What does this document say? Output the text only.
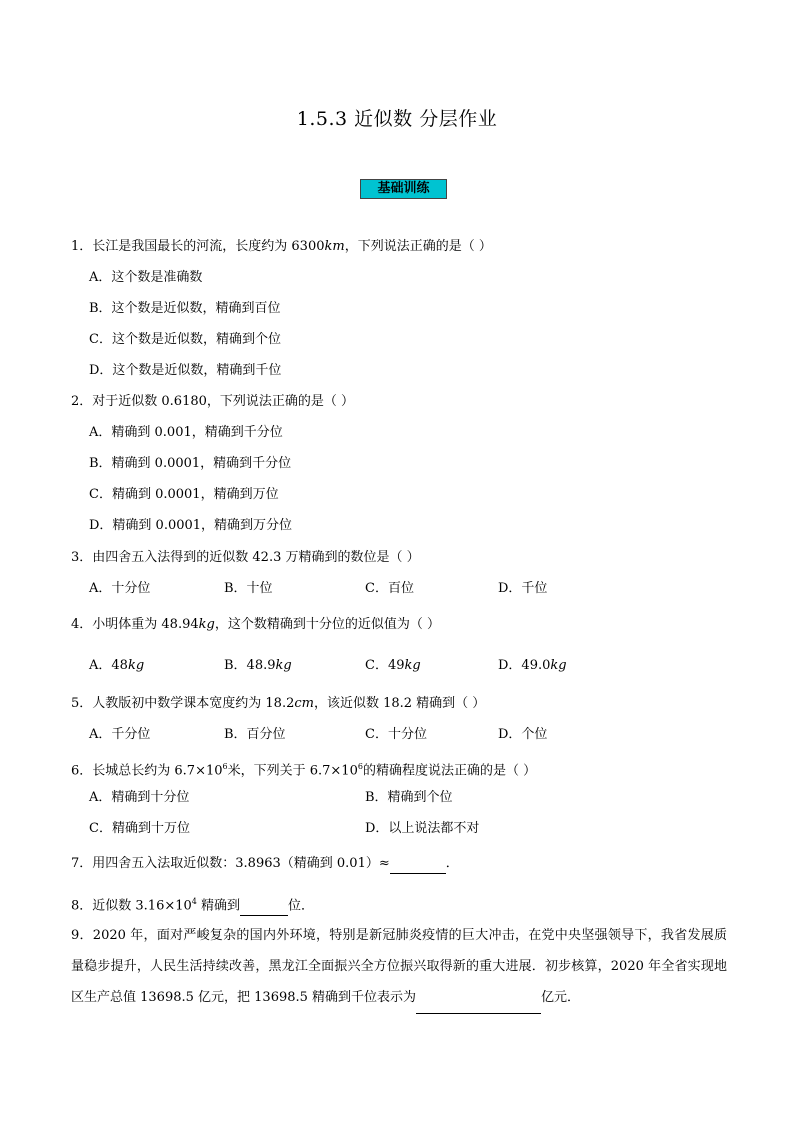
1.5.3 近似数 分层作业
基础训练
1．长江是我国最长的河流，长度约为 6300km，下列说法正确的是（ ）
A．这个数是准确数
B．这个数是近似数，精确到百位
C．这个数是近似数，精确到个位
D．这个数是近似数，精确到千位
2．对于近似数 0.6180，下列说法正确的是（ ）
A．精确到 0.001，精确到千分位
B．精确到 0.0001，精确到千分位
C．精确到 0.0001，精确到万位
D．精确到 0.0001，精确到万分位
3．由四舍五入法得到的近似数 42.3 万精确到的数位是（ ）
A．十分位	B．十位	C．百位	D．千位
4．小明体重为 48.94kg，这个数精确到十分位的近似值为（ ）
A．48kg	B．48.9kg	C．49kg	D．49.0kg
5．人教版初中数学课本宽度约为 18.2cm，该近似数 18.2 精确到（ ）
A．千分位	B．百分位	C．十分位	D．个位
6．长城总长约为 $6.7\times 10^6$米，下列关于 $6.7\times 10^6$的精确程度说法正确的是（ ）
A．精确到十分位	B．精确到个位
C．精确到十万位	D．以上说法都不对
7．用四舍五入法取近似数：3.8963（精确到 0.01）≈	．
8．近似数 $3.16\times 10^4$ 精确到	位．
9．2020 年，面对严峻复杂的国内外环境，特别是新冠肺炎疫情的巨大冲击，在党中央坚强领导下，我省发展质量稳步提升，人民生活持续改善，黑龙江全面振兴全方位振兴取得新的重大进展．初步核算，2020 年全省实现地区生产总值 13698.5 亿元，把 13698.5 精确到千位表示为	亿元．
